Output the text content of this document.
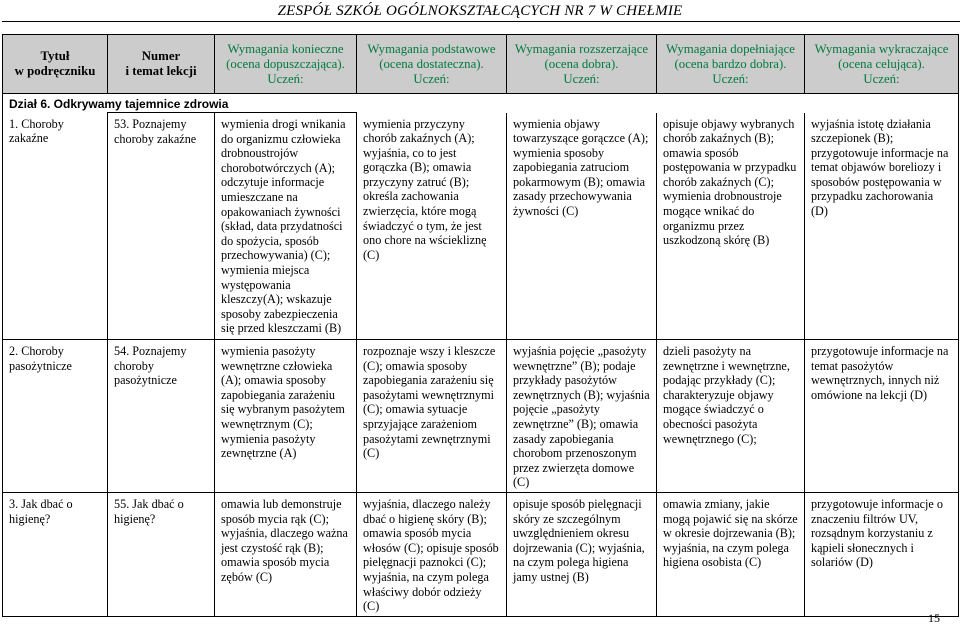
ZESPÓŁ SZKÓŁ OGÓLNOKSZTAŁCĄCYCH NR 7 W CHEŁMIE
Tytuł
w podręczniku	Numer
i temat lekcji	Wymagania konieczne
(ocena dopuszczająca).
Uczeń:	Wymagania podstawowe
(ocena dostateczna).
Uczeń:	Wymagania rozszerzające
(ocena dobra).
Uczeń:	Wymagania dopełniające
(ocena bardzo dobra).
Uczeń:	Wymagania wykraczające
(ocena celująca).
Uczeń:
Dział 6. Odkrywamy tajemnice zdrowia						
1. Choroby zakaźne	53. Poznajemy choroby zakaźne	wymienia drogi wnikania do organizmu człowieka drobnoustrojów chorobotwórczych (A); odczytuje informacje umieszczane na opakowaniach żywności (skład, data przydatności do spożycia, sposób przechowywania) (C); wymienia miejsca występowania kleszczy(A); wskazuje sposoby zabezpieczenia się przed kleszczami (B)	wymienia przyczyny chorób zakaźnych (A); wyjaśnia, co to jest gorączka (B); omawia przyczyny zatruć (B); określa zachowania zwierzęcia, które mogą świadczyć o tym, że jest ono chore na wściekliznę (C)	wymienia objawy towarzyszące gorączce (A); wymienia sposoby zapobiegania zatruciom pokarmowym (B); omawia zasady przechowywania żywności (C)	opisuje objawy wybranych chorób zakaźnych (B); omawia sposób postępowania w przypadku chorób zakaźnych (C); wymienia drobnoustroje mogące wnikać do organizmu przez uszkodzoną skórę (B)	wyjaśnia istotę działania szczepionek (B); przygotowuje informacje na temat objawów boreliozy i sposobów postępowania w przypadku zachorowania (D)
2. Choroby pasożytnicze	54. Poznajemy choroby pasożytnicze	wymienia pasożyty wewnętrzne człowieka (A); omawia sposoby zapobiegania zarażeniu się wybranym pasożytem wewnętrznym (C); wymienia pasożyty zewnętrzne (A)	rozpoznaje wszy i kleszcze (C); omawia sposoby zapobiegania zarażeniu się pasożytami wewnętrznymi (C); omawia sytuacje sprzyjające zarażeniom pasożytami zewnętrznymi (C)	wyjaśnia pojęcie „pasożyty wewnętrzne” (B); podaje przykłady pasożytów zewnętrznych (B); wyjaśnia pojęcie „pasożyty zewnętrzne” (B); omawia zasady zapobiegania chorobom przenoszonym przez zwierzęta domowe (C)	dzieli pasożyty na zewnętrzne i wewnętrzne, podając przykłady (C); charakteryzuje objawy mogące świadczyć o obecności pasożyta wewnętrznego (C);	przygotowuje informacje na temat pasożytów wewnętrznych, innych niż omówione na lekcji (D)
3. Jak dbać o higienę?	55. Jak dbać o higienę?	omawia lub demonstruje sposób mycia rąk (C); wyjaśnia, dlaczego ważna jest czystość rąk (B); omawia sposób mycia zębów (C)	wyjaśnia, dlaczego należy dbać o higienę skóry (B); omawia sposób mycia włosów (C); opisuje sposób pielęgnacji paznokci (C); wyjaśnia, na czym polega właściwy dobór odzieży (C)	opisuje sposób pielęgnacji skóry ze szczególnym uwzględnieniem okresu dojrzewania (C); wyjaśnia, na czym polega higiena jamy ustnej (B)	omawia zmiany, jakie mogą pojawić się na skórze w okresie dojrzewania (B); wyjaśnia, na czym polega higiena osobista (C)	przygotowuje informacje o znaczeniu filtrów UV, rozsądnym korzystaniu z kąpieli słonecznych i solariów (D)
15
